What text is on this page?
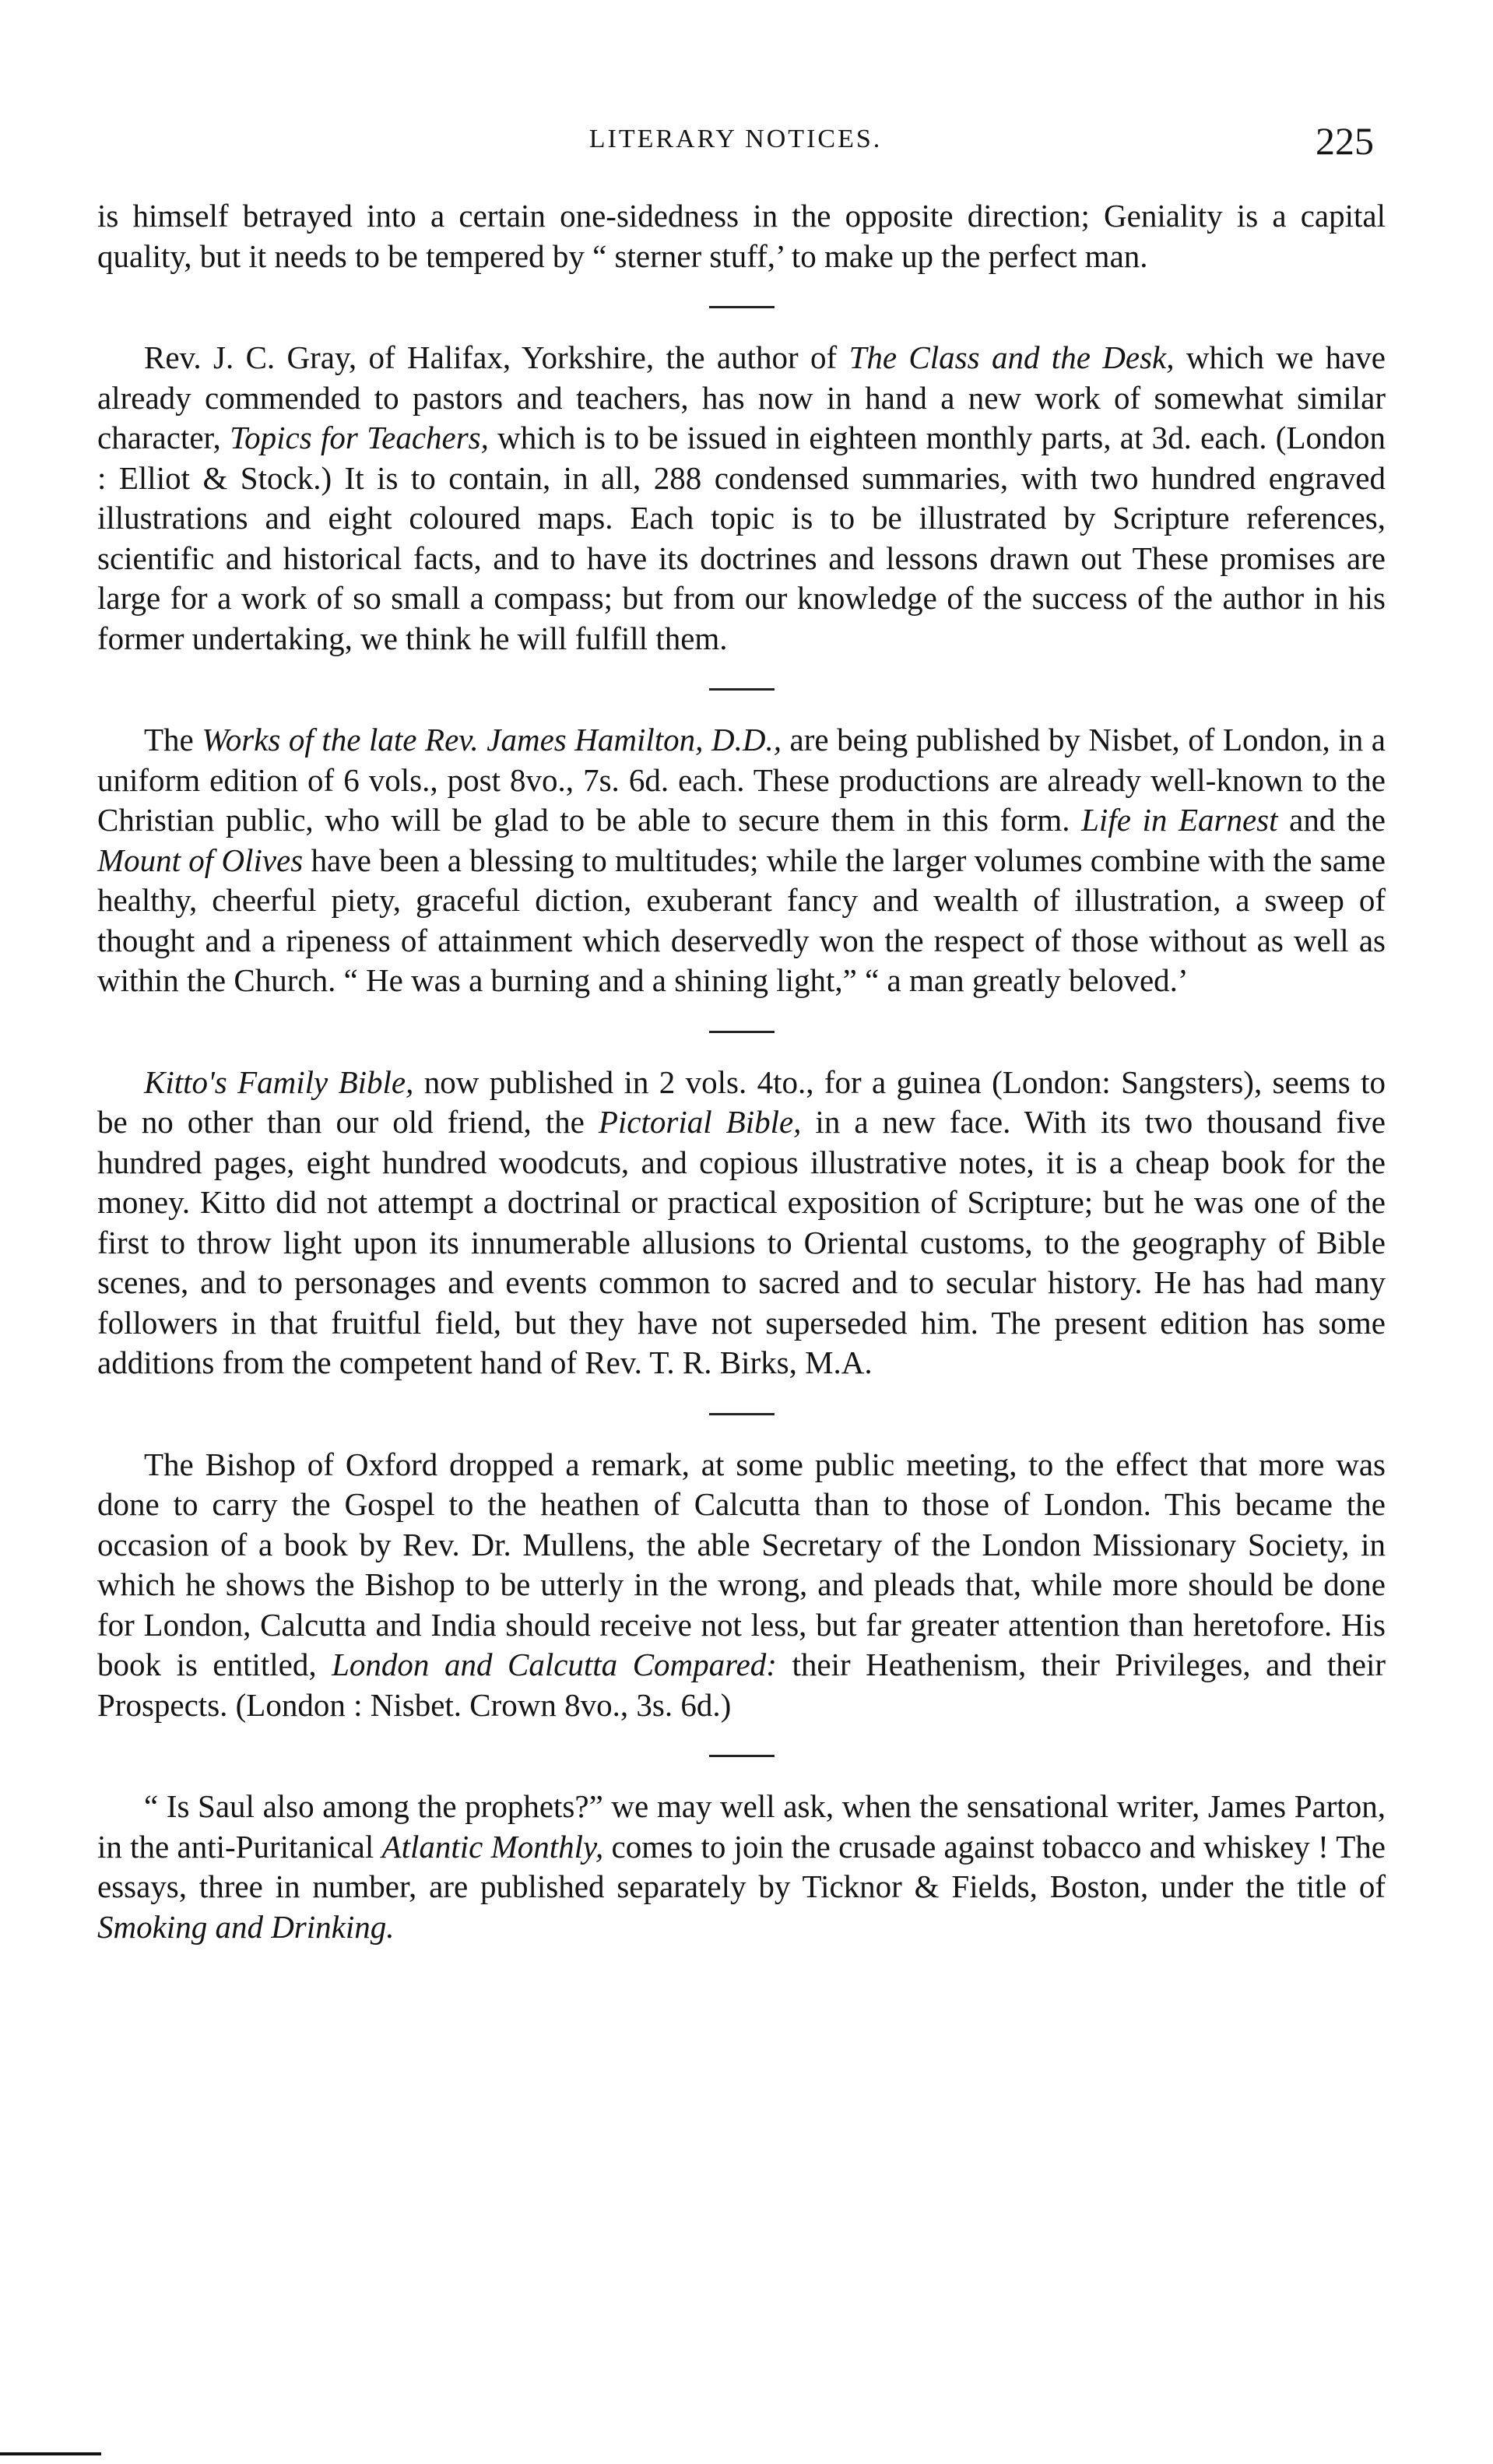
LITERARY NOTICES.	225

is himself betrayed into a certain one-sidedness in the opposite direction; Geniality is a capital quality, but it needs to be tempered by “ sterner stuff,’ to make up the perfect man.

Rev. J. C. Gray, of Halifax, Yorkshire, the author of The Class and the Desk, which we have already commended to pastors and teachers, has now in hand a new work of somewhat similar character, Topics for Teachers, which is to be issued in eighteen monthly parts, at 3d. each. (London : Elliot & Stock.) It is to contain, in all, 288 condensed summaries, with two hundred engraved illustrations and eight coloured maps. Each topic is to be illustrated by Scripture references, scientific and historical facts, and to have its doctrines and lessons drawn out These promises are large for a work of so small a compass; but from our knowledge of the success of the author in his former undertaking, we think he will fulfill them.

The Works of the late Rev. James Hamilton, D.D., are being published by Nisbet, of London, in a uniform edition of 6 vols., post 8vo., 7s. 6d. each. These productions are already well-known to the Christian public, who will be glad to be able to secure them in this form. Life in Earnest and the Mount of Olives have been a blessing to multitudes; while the larger volumes combine with the same healthy, cheerful piety, graceful diction, exuberant fancy and wealth of illustration, a sweep of thought and a ripeness of attainment which deservedly won the respect of those without as well as within the Church. “ He was a burning and a shining light,” “ a man greatly beloved.’

Kitto's Family Bible, now published in 2 vols. 4to., for a guinea (London: Sangsters), seems to be no other than our old friend, the Pictorial Bible, in a new face. With its two thousand five hundred pages, eight hundred woodcuts, and copious illustrative notes, it is a cheap book for the money. Kitto did not attempt a doctrinal or practical exposition of Scripture; but he was one of the first to throw light upon its innumerable allusions to Oriental customs, to the geography of Bible scenes, and to personages and events common to sacred and to secular history. He has had many followers in that fruitful field, but they have not superseded him. The present edition has some additions from the competent hand of Rev. T. R. Birks, M.A.

The Bishop of Oxford dropped a remark, at some public meeting, to the effect that more was done to carry the Gospel to the heathen of Calcutta than to those of London. This became the occasion of a book by Rev. Dr. Mullens, the able Secretary of the London Missionary Society, in which he shows the Bishop to be utterly in the wrong, and pleads that, while more should be done for London, Calcutta and India should receive not less, but far greater attention than heretofore. His book is entitled, London and Calcutta Compared: their Heathenism, their Privileges, and their Prospects. (London : Nisbet. Crown 8vo., 3s. 6d.)

“ Is Saul also among the prophets?” we may well ask, when the sensational writer, James Parton, in the anti-Puritanical Atlantic Monthly, comes to join the crusade against tobacco and whiskey ! The essays, three in number, are published separately by Ticknor & Fields, Boston, under the title of Smoking and Drinking.
